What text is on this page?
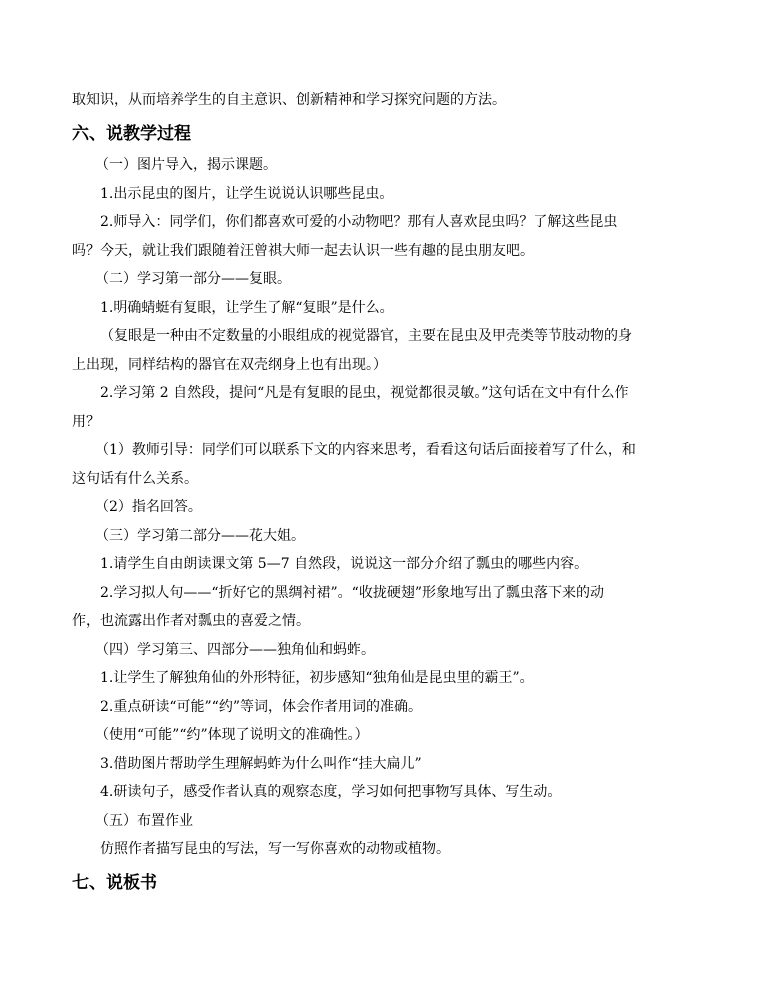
取知识，从而培养学生的自主意识、创新精神和学习探究问题的方法。
六、说教学过程
（一）图片导入，揭示课题。
1.出示昆虫的图片，让学生说说认识哪些昆虫。
2.师导入：同学们，你们都喜欢可爱的小动物吧？那有人喜欢昆虫吗？了解这些昆虫
吗？今天，就让我们跟随着汪曾祺大师一起去认识一些有趣的昆虫朋友吧。
（二）学习第一部分——复眼。
1.明确蜻蜓有复眼，让学生了解“复眼”是什么。
（复眼是一种由不定数量的小眼组成的视觉器官，主要在昆虫及甲壳类等节肢动物的身
上出现，同样结构的器官在双壳纲身上也有出现。）
2.学习第 2 自然段，提问“凡是有复眼的昆虫，视觉都很灵敏。”这句话在文中有什么作
用？
（1）教师引导：同学们可以联系下文的内容来思考，看看这句话后面接着写了什么，和
这句话有什么关系。
（2）指名回答。
（三）学习第二部分——花大姐。
1.请学生自由朗读课文第 5—7 自然段，说说这一部分介绍了瓢虫的哪些内容。
2.学习拟人句——“折好它的黑绸衬裙”。“收拢硬翅”形象地写出了瓢虫落下来的动
作，也流露出作者对瓢虫的喜爱之情。
（四）学习第三、四部分——独角仙和蚂蚱。
1.让学生了解独角仙的外形特征，初步感知“独角仙是昆虫里的霸王”。
2.重点研读“可能”“约”等词，体会作者用词的准确。
（使用“可能”“约”体现了说明文的准确性。）
3.借助图片帮助学生理解蚂蚱为什么叫作“挂大扁儿”
4.研读句子，感受作者认真的观察态度，学习如何把事物写具体、写生动。
（五）布置作业
仿照作者描写昆虫的写法，写一写你喜欢的动物或植物。
七、说板书
